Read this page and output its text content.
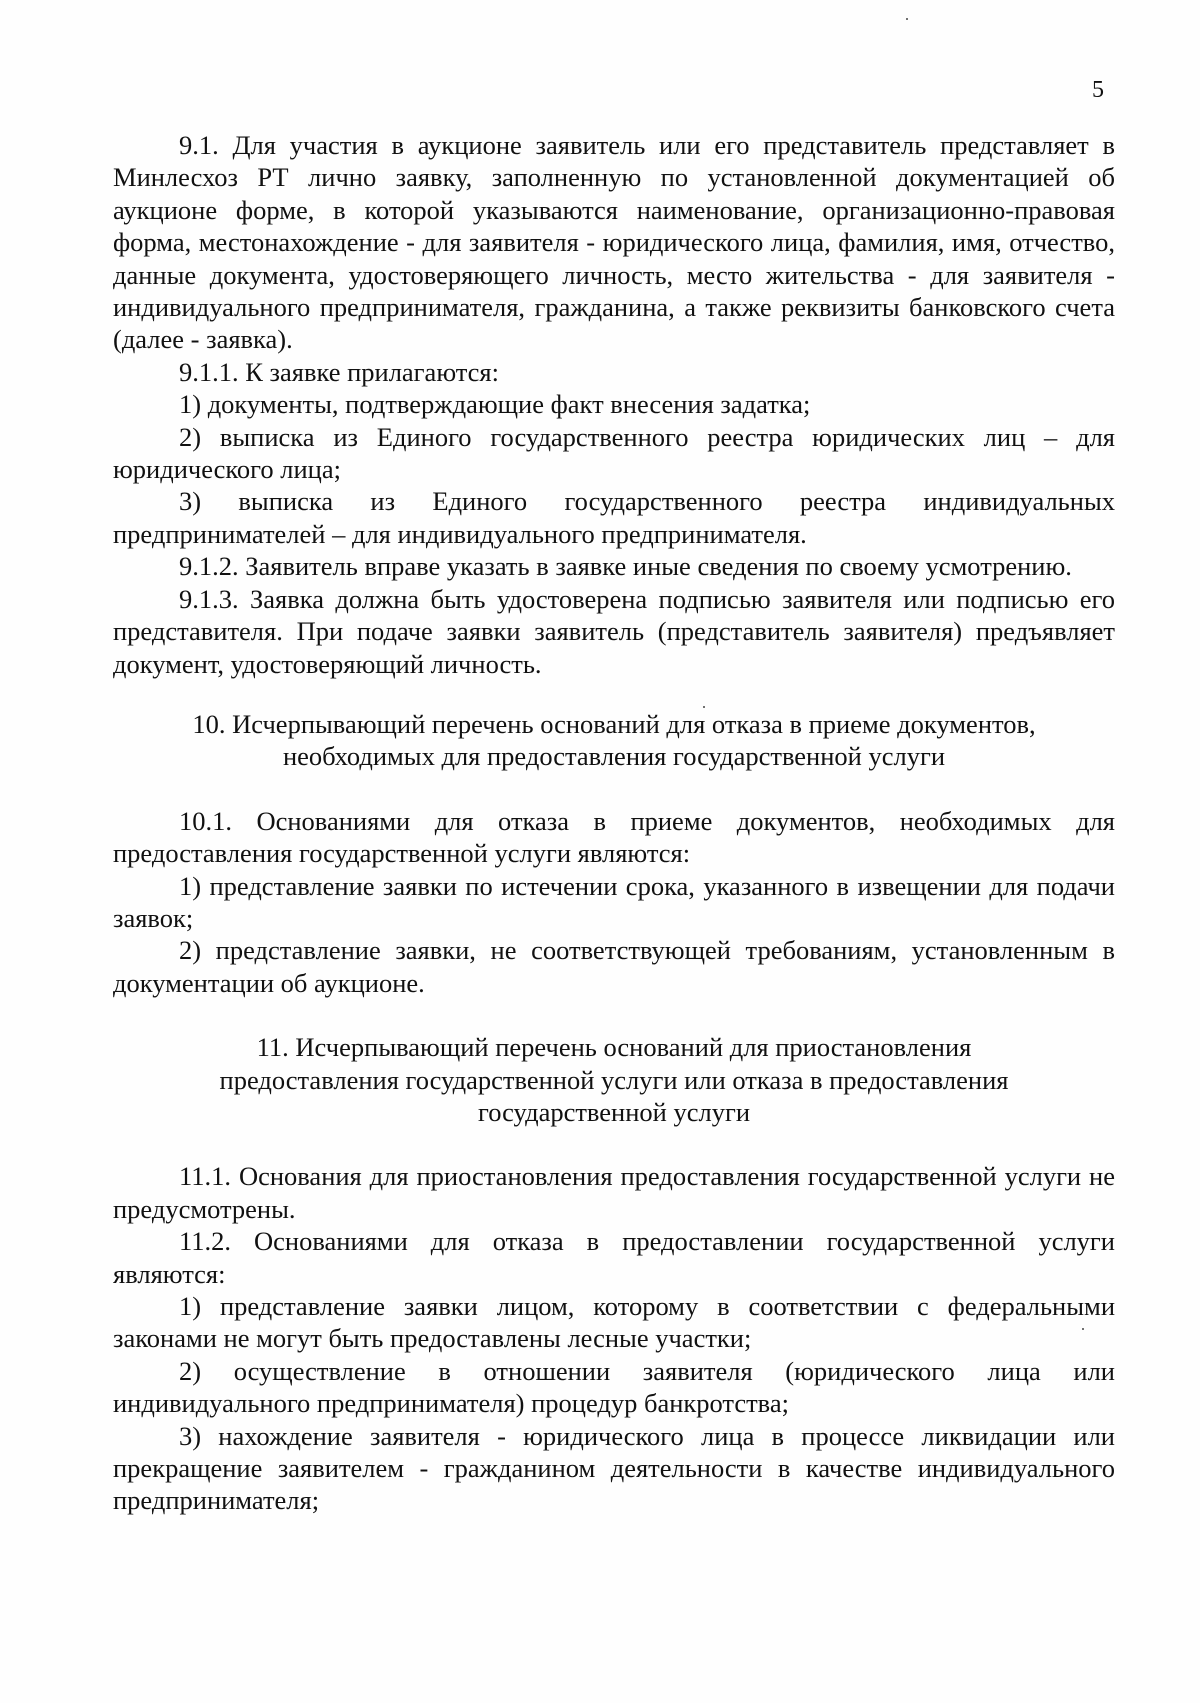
5

9.1. Для участия в аукционе заявитель или его представитель представляет в Минлесхоз РТ лично заявку, заполненную по установленной документацией об аукционе форме, в которой указываются наименование, организационно-правовая форма, местонахождение - для заявителя - юридического лица, фамилия, имя, отчество, данные документа, удостоверяющего личность, место жительства - для заявителя - индивидуального предпринимателя, гражданина, а также реквизиты банковского счета (далее - заявка).

9.1.1. К заявке прилагаются:

1) документы, подтверждающие факт внесения задатка;

2) выписка из Единого государственного реестра юридических лиц – для юридического лица;

3) выписка из Единого государственного реестра индивидуальных предпринимателей – для индивидуального предпринимателя.

9.1.2. Заявитель вправе указать в заявке иные сведения по своему усмотрению.

9.1.3. Заявка должна быть удостоверена подписью заявителя или подписью его представителя. При подаче заявки заявитель (представитель заявителя) предъявляет документ, удостоверяющий личность.

10. Исчерпывающий перечень оснований для отказа в приеме документов,
необходимых для предоставления государственной услуги

10.1. Основаниями для отказа в приеме документов, необходимых для предоставления государственной услуги являются:

1) представление заявки по истечении срока, указанного в извещении для подачи заявок;

2) представление заявки, не соответствующей требованиям, установленным в документации об аукционе.

11. Исчерпывающий перечень оснований для приостановления
предоставления государственной услуги или отказа в предоставления
государственной услуги

11.1. Основания для приостановления предоставления государственной услуги не предусмотрены.

11.2. Основаниями для отказа в предоставлении государственной услуги являются:

1) представление заявки лицом, которому в соответствии с федеральными законами не могут быть предоставлены лесные участки;

2) осуществление в отношении заявителя (юридического лица или индивидуального предпринимателя) процедур банкротства;

3) нахождение заявителя - юридического лица в процессе ликвидации или прекращение заявителем - гражданином деятельности в качестве индивидуального предпринимателя;
